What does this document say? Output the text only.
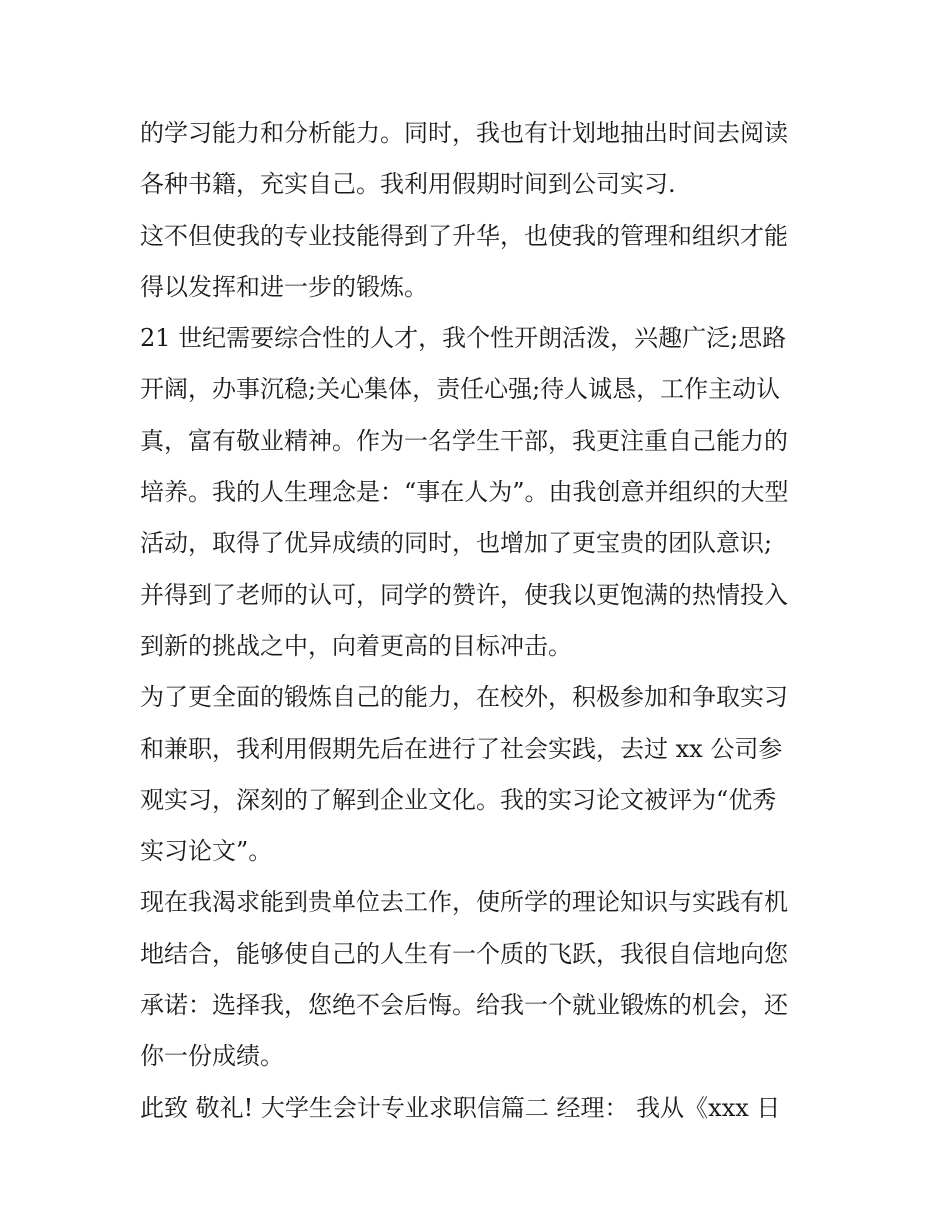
的学习能力和分析能力。同时，我也有计划地抽出时间去阅读
各种书籍，充实自己。我利用假期时间到公司实习.
这不但使我的专业技能得到了升华，也使我的管理和组织才能
得以发挥和进一步的锻炼。
21 世纪需要综合性的人才，我个性开朗活泼，兴趣广泛;思路
开阔，办事沉稳;关心集体，责任心强;待人诚恳，工作主动认
真，富有敬业精神。作为一名学生干部，我更注重自己能力的
培养。我的人生理念是：“事在人为”。由我创意并组织的大型
活动，取得了优异成绩的同时，也增加了更宝贵的团队意识;
并得到了老师的认可，同学的赞许，使我以更饱满的热情投入
到新的挑战之中，向着更高的目标冲击。
为了更全面的锻炼自己的能力，在校外，积极参加和争取实习
和兼职，我利用假期先后在进行了社会实践，去过 xx 公司参
观实习，深刻的了解到企业文化。我的实习论文被评为“优秀
实习论文”。
现在我渴求能到贵单位去工作，使所学的理论知识与实践有机
地结合，能够使自己的人生有一个质的飞跃，我很自信地向您
承诺：选择我，您绝不会后悔。给我一个就业锻炼的机会，还
你一份成绩。
此致 敬礼! 大学生会计专业求职信篇二 经理： 我从《xxx 日
